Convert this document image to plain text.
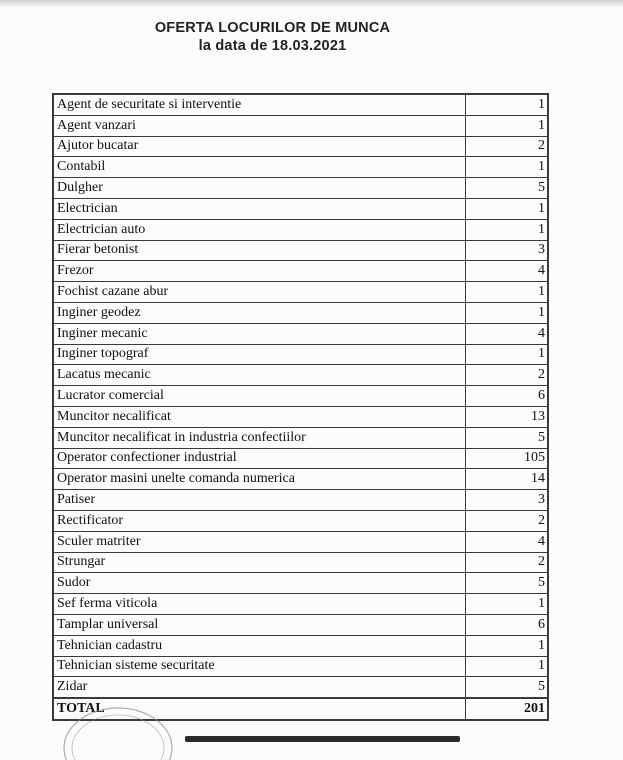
OFERTA LOCURILOR DE MUNCA
la data de 18.03.2021
Agent de securitate si interventie	1
Agent vanzari	1
Ajutor bucatar	2
Contabil	1
Dulgher	5
Electrician	1
Electrician auto	1
Fierar betonist	3
Frezor	4
Fochist cazane abur	1
Inginer geodez	1
Inginer mecanic	4
Inginer topograf	1
Lacatus mecanic	2
Lucrator comercial	6
Muncitor necalificat	13
Muncitor necalificat in industria confectiilor	5
Operator confectioner industrial	105
Operator masini unelte comanda numerica	14
Patiser	3
Rectificator	2
Sculer matriter	4
Strungar	2
Sudor	5
Sef ferma viticola	1
Tamplar universal	6
Tehnician cadastru	1
Tehnician sisteme securitate	1
Zidar	5
TOTAL	201
